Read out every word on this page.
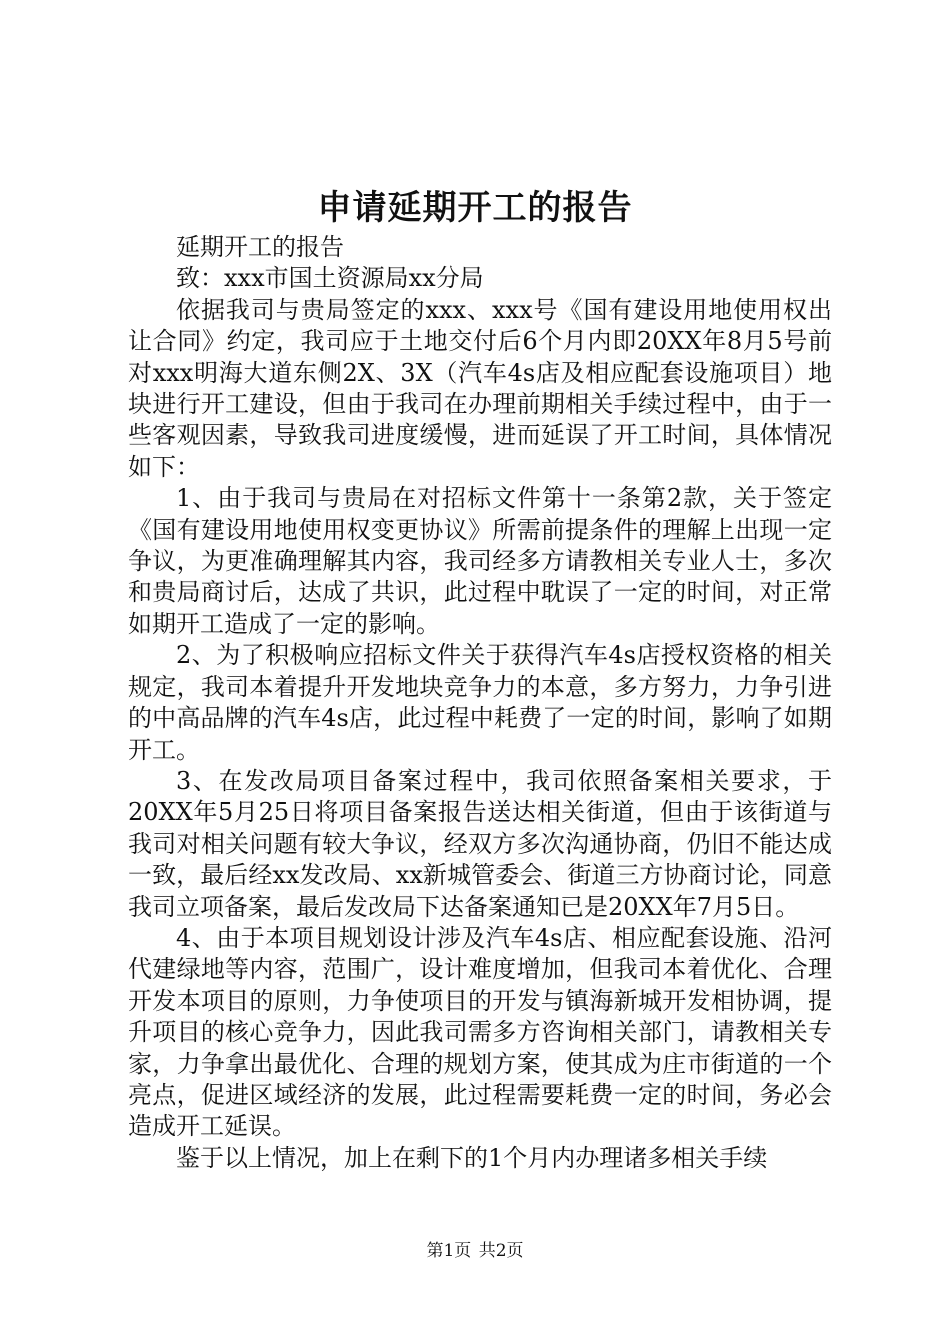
申请延期开工的报告

延期开工的报告

致：xxx市国土资源局xx分局

依据我司与贵局签定的xxx、xxx号《国有建设用地使用权出让合同》约定，我司应于土地交付后6个月内即20XX年8月5号前对xxx明海大道东侧2X、3X（汽车4s店及相应配套设施项目）地块进行开工建设，但由于我司在办理前期相关手续过程中，由于一些客观因素，导致我司进度缓慢，进而延误了开工时间，具体情况如下：

1、由于我司与贵局在对招标文件第十一条第2款，关于签定《国有建设用地使用权变更协议》所需前提条件的理解上出现一定争议，为更准确理解其内容，我司经多方请教相关专业人士，多次和贵局商讨后，达成了共识，此过程中耽误了一定的时间，对正常如期开工造成了一定的影响。

2、为了积极响应招标文件关于获得汽车4s店授权资格的相关规定，我司本着提升开发地块竞争力的本意，多方努力，力争引进的中高品牌的汽车4s店，此过程中耗费了一定的时间，影响了如期开工。

3、在发改局项目备案过程中，我司依照备案相关要求，于20XX年5月25日将项目备案报告送达相关街道，但由于该街道与我司对相关问题有较大争议，经双方多次沟通协商，仍旧不能达成一致，最后经xx发改局、xx新城管委会、街道三方协商讨论，同意我司立项备案，最后发改局下达备案通知已是20XX年7月5日。

4、由于本项目规划设计涉及汽车4s店、相应配套设施、沿河代建绿地等内容，范围广，设计难度增加，但我司本着优化、合理开发本项目的原则，力争使项目的开发与镇海新城开发相协调，提升项目的核心竞争力，因此我司需多方咨询相关部门，请教相关专家，力争拿出最优化、合理的规划方案，使其成为庄市街道的一个亮点，促进区域经济的发展，此过程需要耗费一定的时间，务必会造成开工延误。

鉴于以上情况，加上在剩下的1个月内办理诸多相关手续

第1页 共2页
